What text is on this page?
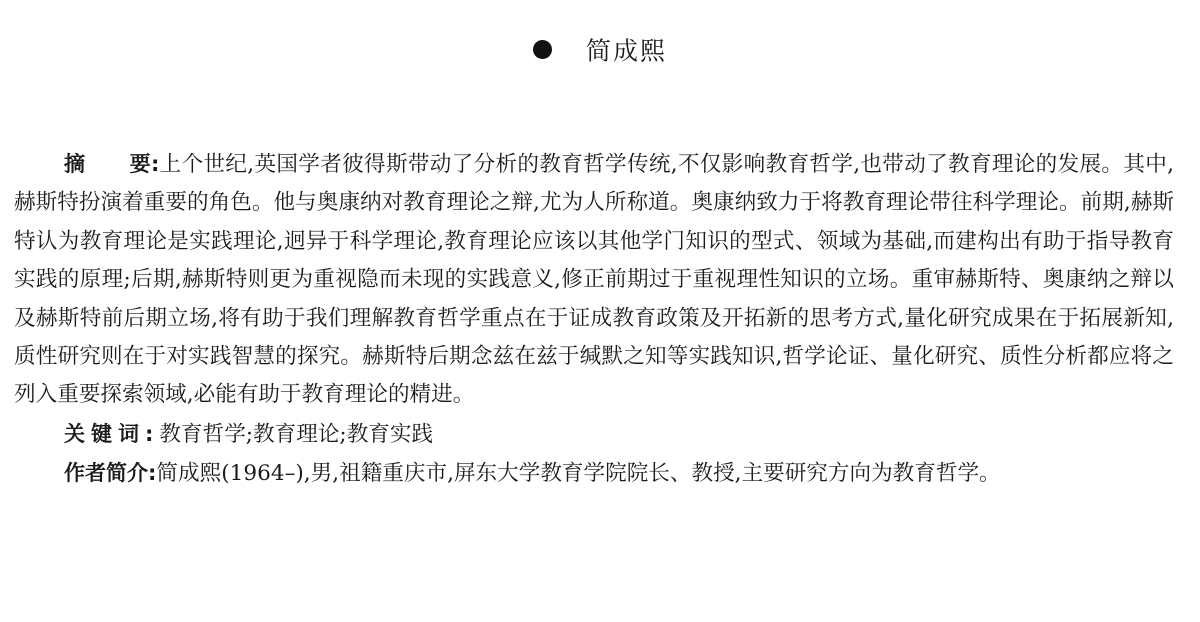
简成熙

摘 要:上个世纪,英国学者彼得斯带动了分析的教育哲学传统,不仅影响教育哲学,也带动了教育理论的发展。其中,赫斯特扮演着重要的角色。他与奥康纳对教育理论之辩,尤为人所称道。奥康纳致力于将教育理论带往科学理论。前期,赫斯特认为教育理论是实践理论,迥异于科学理论,教育理论应该以其他学门知识的型式、领域为基础,而建构出有助于指导教育实践的原理;后期,赫斯特则更为重视隐而未现的实践意义,修正前期过于重视理性知识的立场。重审赫斯特、奥康纳之辩以及赫斯特前后期立场,将有助于我们理解教育哲学重点在于证成教育政策及开拓新的思考方式,量化研究成果在于拓展新知,质性研究则在于对实践智慧的探究。赫斯特后期念兹在兹于缄默之知等实践知识,哲学论证、量化研究、质性分析都应将之列入重要探索领域,必能有助于教育理论的精进。

关键词:教育哲学;教育理论;教育实践

作者简介:简成熙(1964–),男,祖籍重庆市,屏东大学教育学院院长、教授,主要研究方向为教育哲学。
